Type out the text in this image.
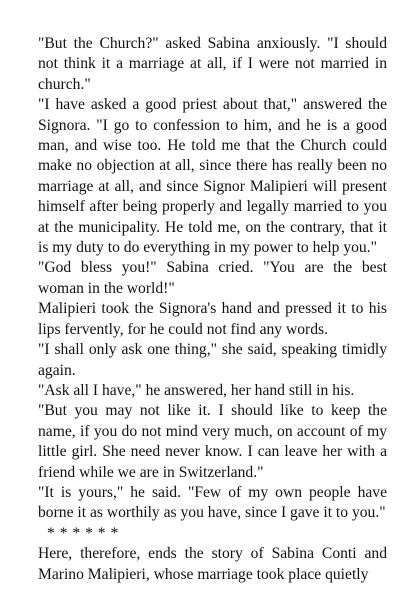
"But the Church?" asked Sabina anxiously. "I should not think it a marriage at all, if I were not married in church."

"I have asked a good priest about that," answered the Signora. "I go to confession to him, and he is a good man, and wise too. He told me that the Church could make no objection at all, since there has really been no marriage at all, and since Signor Malipieri will present himself after being properly and legally married to you at the municipality. He told me, on the contrary, that it is my duty to do everything in my power to help you."

"God bless you!" Sabina cried. "You are the best woman in the world!"

Malipieri took the Signora's hand and pressed it to his lips fervently, for he could not find any words.

"I shall only ask one thing," she said, speaking timidly again.

"Ask all I have," he answered, her hand still in his.

"But you may not like it. I should like to keep the name, if you do not mind very much, on account of my little girl. She need never know. I can leave her with a friend while we are in Switzerland."

"It is yours," he said. "Few of my own people have borne it as worthily as you have, since I gave it to you."

* * * * * *

Here, therefore, ends the story of Sabina Conti and Marino Malipieri, whose marriage took place quietly
